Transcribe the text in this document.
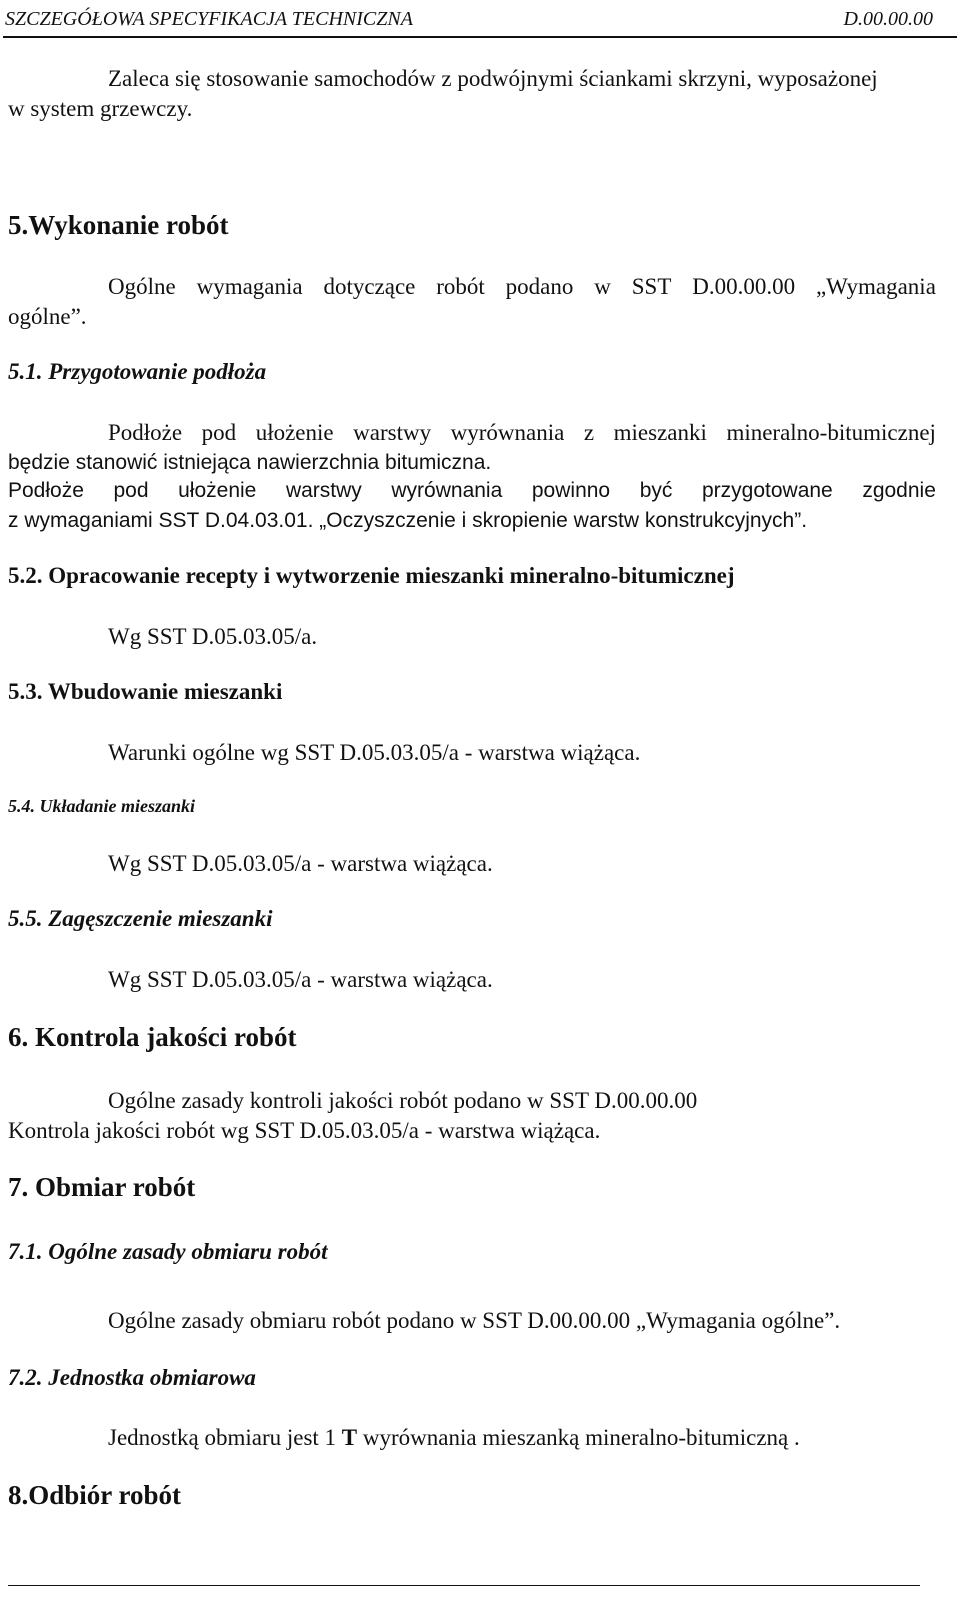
SZCZEGÓŁOWA SPECYFIKACJA TECHNICZNA	D.00.00.00
Zaleca się stosowanie samochodów z podwójnymi ściankami skrzyni, wyposażonej
w system grzewczy.
5.Wykonanie robót
Ogólne wymagania dotyczące robót podano w SST D.00.00.00 „Wymagania
ogólne”.
5.1. Przygotowanie podłoża
Podłoże pod ułożenie warstwy wyrównania z mieszanki mineralno-bitumicznej
będzie stanowić istniejąca nawierzchnia bitumiczna.
Podłoże pod ułożenie warstwy wyrównania powinno być przygotowane zgodnie
z wymaganiami SST D.04.03.01. „Oczyszczenie i skropienie warstw konstrukcyjnych”.
5.2. Opracowanie recepty i wytworzenie mieszanki mineralno-bitumicznej
Wg SST D.05.03.05/a.
5.3. Wbudowanie mieszanki
Warunki ogólne wg SST D.05.03.05/a - warstwa wiążąca.
5.4. Układanie mieszanki
Wg SST D.05.03.05/a - warstwa wiążąca.
5.5. Zagęszczenie mieszanki
Wg SST D.05.03.05/a - warstwa wiążąca.
6. Kontrola jakości robót
Ogólne zasady kontroli jakości robót podano w SST D.00.00.00
Kontrola jakości robót wg SST D.05.03.05/a - warstwa wiążąca.
7. Obmiar robót
7.1. Ogólne zasady obmiaru robót
Ogólne zasady obmiaru robót podano w SST D.00.00.00 „Wymagania ogólne”.
7.2. Jednostka obmiarowa
Jednostką obmiaru jest 1 T wyrównania mieszanką mineralno-bitumiczną .
8.Odbiór robót
